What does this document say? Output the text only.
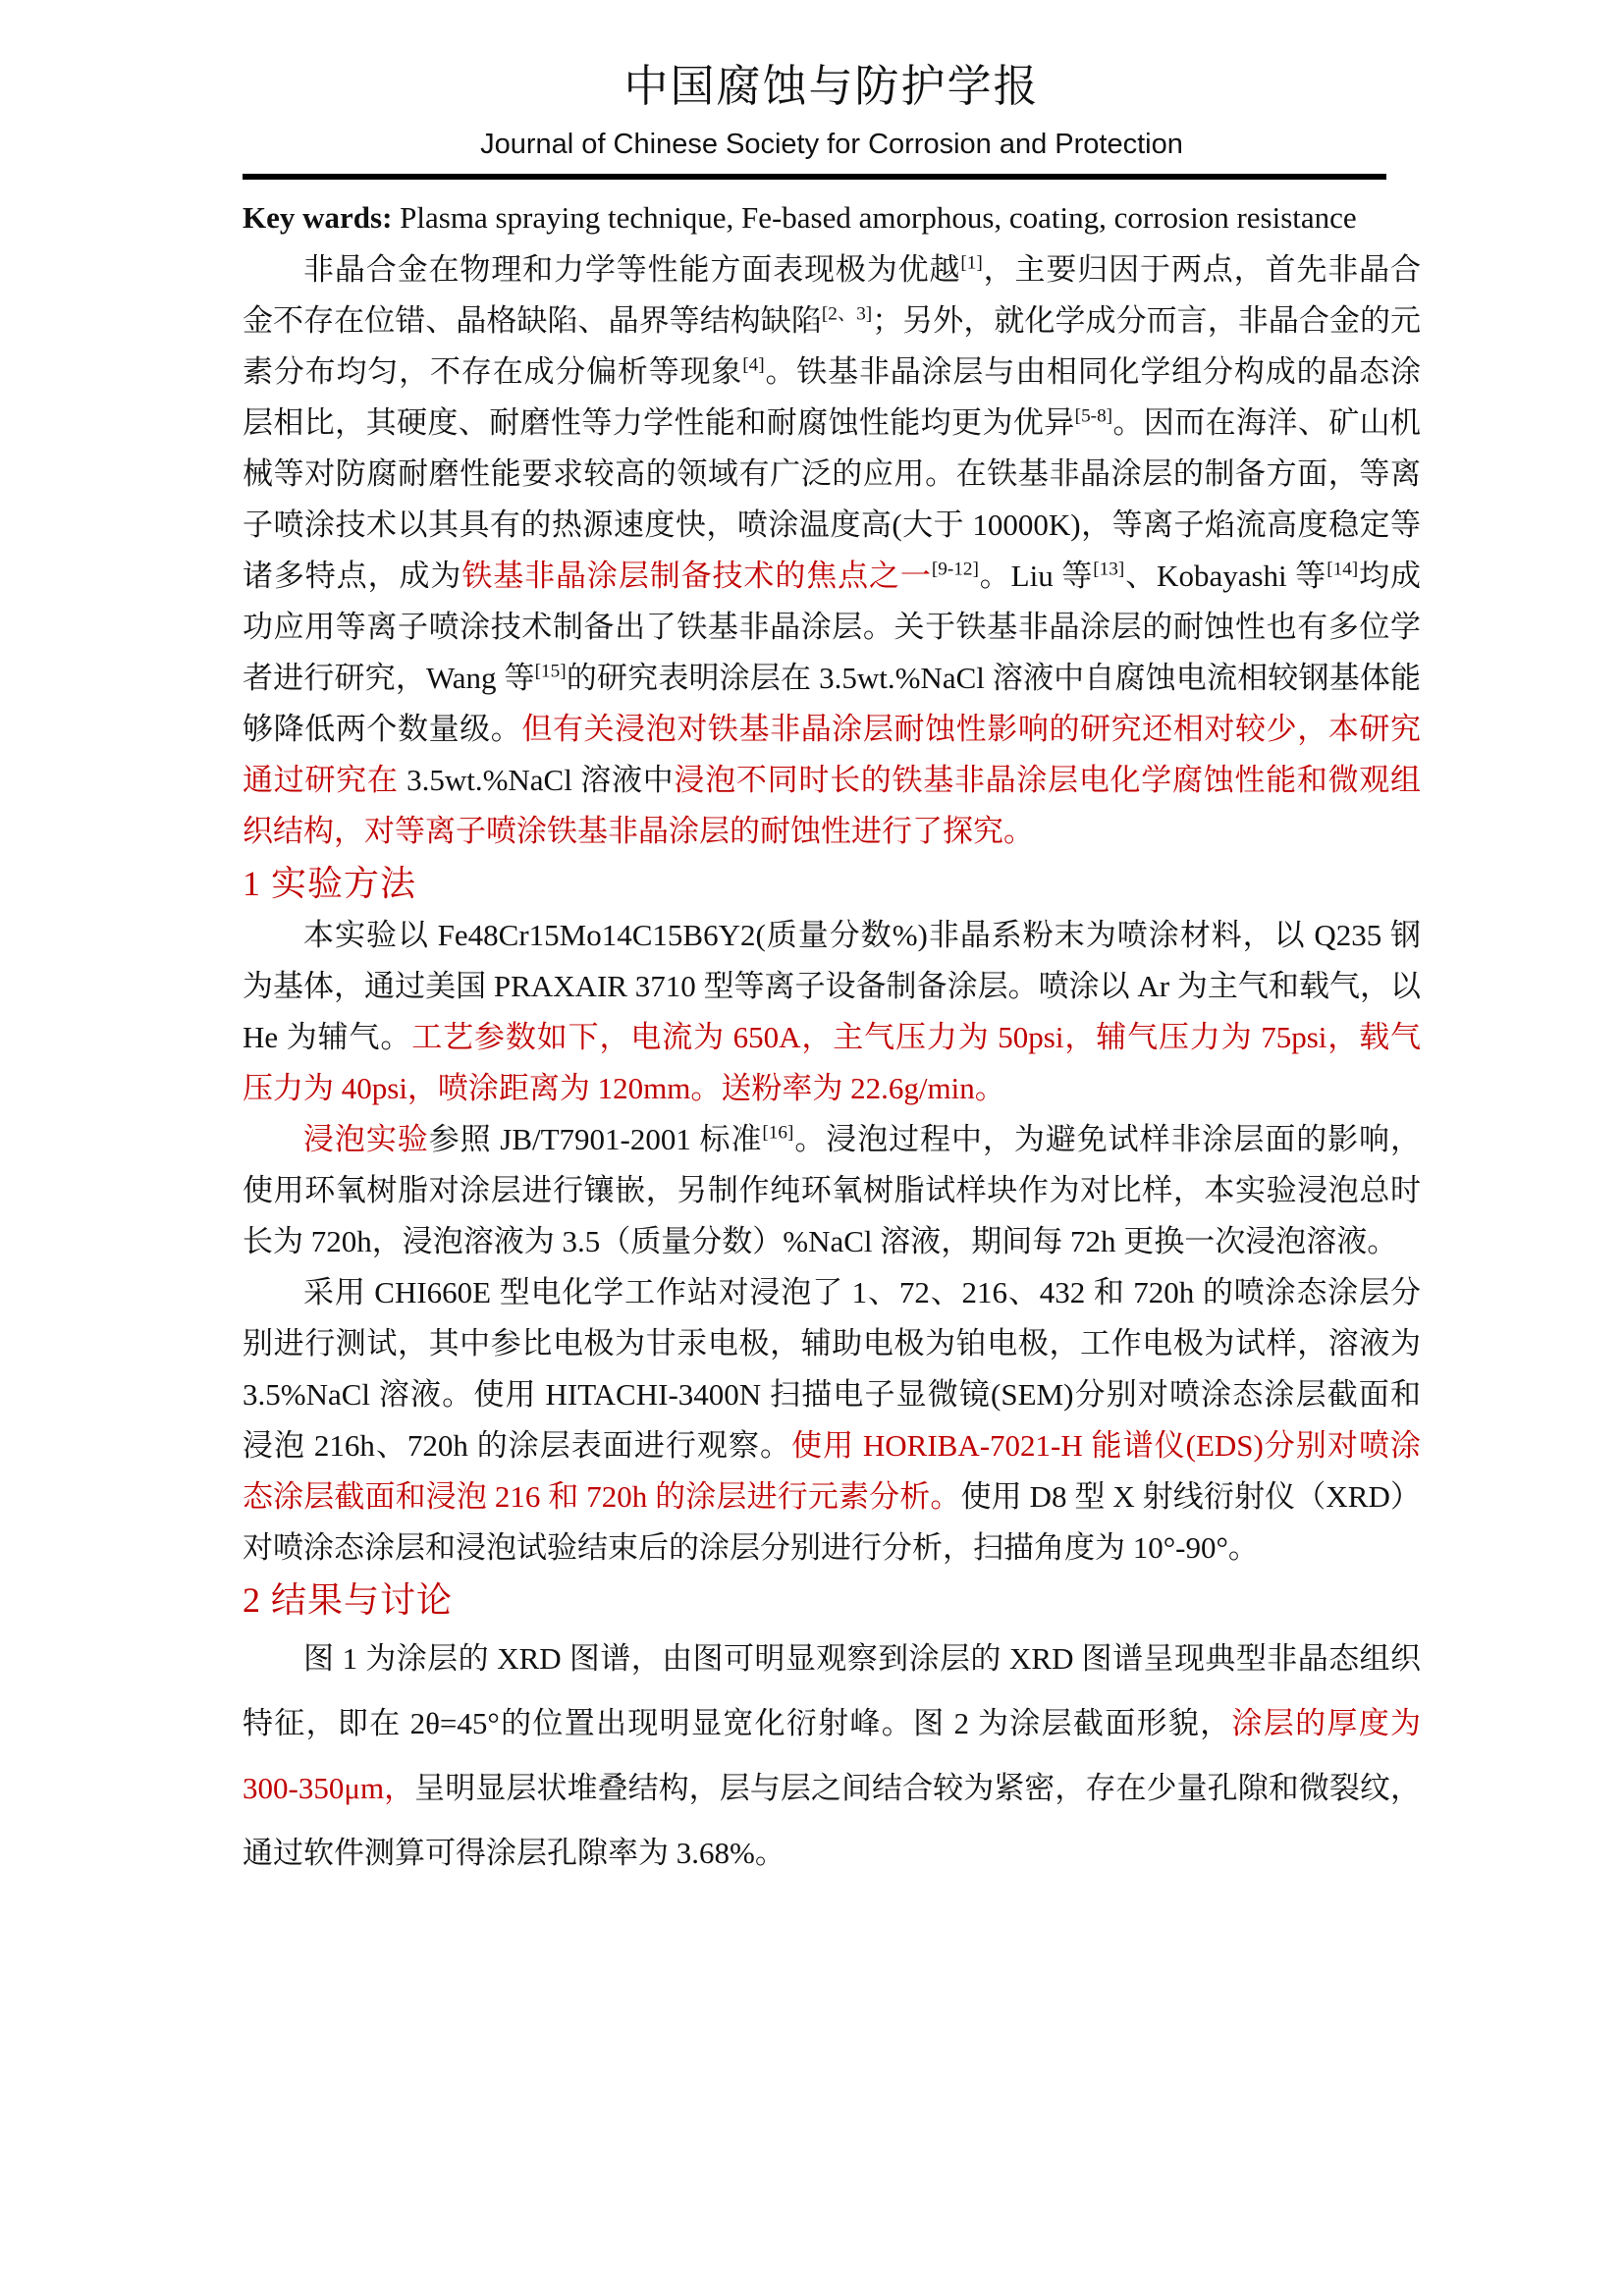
中国腐蚀与防护学报
Journal of Chinese Society for Corrosion and Protection

Key wards: Plasma spraying technique, Fe-based amorphous, coating, corrosion resistance

非晶合金在物理和力学等性能方面表现极为优越[1]，主要归因于两点，首先非晶合金不存在位错、晶格缺陷、晶界等结构缺陷[2、3]；另外，就化学成分而言，非晶合金的元素分布均匀，不存在成分偏析等现象[4]。铁基非晶涂层与由相同化学组分构成的晶态涂层相比，其硬度、耐磨性等力学性能和耐腐蚀性能均更为优异[5-8]。因而在海洋、矿山机械等对防腐耐磨性能要求较高的领域有广泛的应用。在铁基非晶涂层的制备方面，等离子喷涂技术以其具有的热源速度快，喷涂温度高(大于 10000K)，等离子焰流高度稳定等诸多特点，成为铁基非晶涂层制备技术的焦点之一[9-12]。Liu 等[13]、Kobayashi 等[14]均成功应用等离子喷涂技术制备出了铁基非晶涂层。关于铁基非晶涂层的耐蚀性也有多位学者进行研究，Wang 等[15]的研究表明涂层在 3.5wt.%NaCl 溶液中自腐蚀电流相较钢基体能够降低两个数量级。但有关浸泡对铁基非晶涂层耐蚀性影响的研究还相对较少，本研究通过研究在 3.5wt.%NaCl 溶液中浸泡不同时长的铁基非晶涂层电化学腐蚀性能和微观组织结构，对等离子喷涂铁基非晶涂层的耐蚀性进行了探究。

1 实验方法

本实验以 Fe48Cr15Mo14C15B6Y2(质量分数%)非晶系粉末为喷涂材料，以 Q235 钢为基体，通过美国 PRAXAIR 3710 型等离子设备制备涂层。喷涂以 Ar 为主气和载气，以 He 为辅气。工艺参数如下，电流为 650A，主气压力为 50psi，辅气压力为 75psi，载气压力为 40psi，喷涂距离为 120mm。送粉率为 22.6g/min。

浸泡实验参照 JB/T7901-2001 标准[16]。浸泡过程中，为避免试样非涂层面的影响，使用环氧树脂对涂层进行镶嵌，另制作纯环氧树脂试样块作为对比样，本实验浸泡总时长为 720h，浸泡溶液为 3.5（质量分数）%NaCl 溶液，期间每 72h 更换一次浸泡溶液。

采用 CHI660E 型电化学工作站对浸泡了 1、72、216、432 和 720h 的喷涂态涂层分别进行测试，其中参比电极为甘汞电极，辅助电极为铂电极，工作电极为试样，溶液为 3.5%NaCl 溶液。使用 HITACHI-3400N 扫描电子显微镜(SEM)分别对喷涂态涂层截面和浸泡 216h、720h 的涂层表面进行观察。使用 HORIBA-7021-H 能谱仪(EDS)分别对喷涂态涂层截面和浸泡 216 和 720h 的涂层进行元素分析。使用 D8 型 X 射线衍射仪（XRD）对喷涂态涂层和浸泡试验结束后的涂层分别进行分析，扫描角度为 10°-90°。

2 结果与讨论

图 1 为涂层的 XRD 图谱，由图可明显观察到涂层的 XRD 图谱呈现典型非晶态组织特征，即在 2θ=45°的位置出现明显宽化衍射峰。图 2 为涂层截面形貌，涂层的厚度为 300-350μm，呈明显层状堆叠结构，层与层之间结合较为紧密，存在少量孔隙和微裂纹，通过软件测算可得涂层孔隙率为 3.68%。
